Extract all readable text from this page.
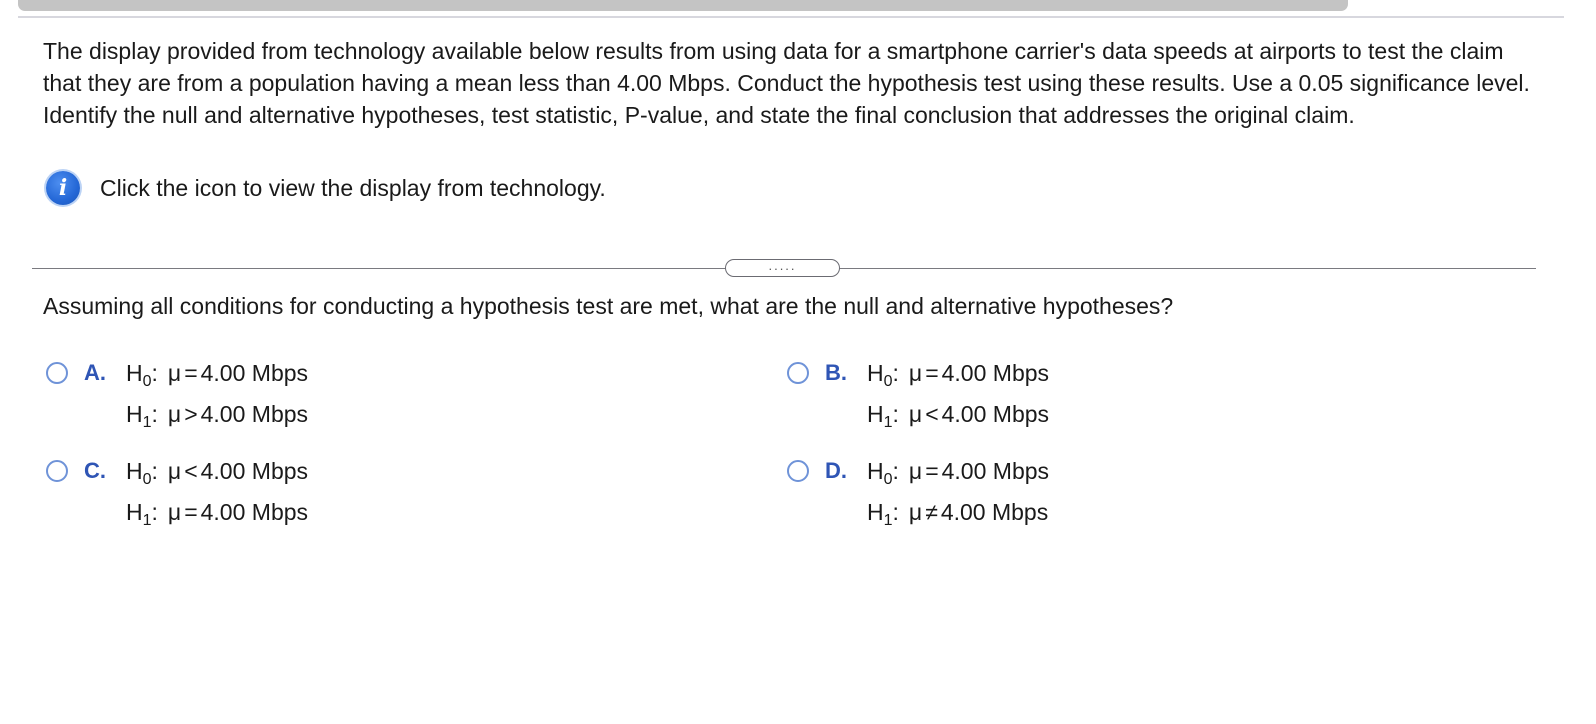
The display provided from technology available below results from using data for a smartphone carrier's data speeds at airports to test the claim that they are from a population having a mean less than 4.00 Mbps. Conduct the hypothesis test using these results. Use a 0.05 significance level. Identify the null and alternative hypotheses, test statistic, P-value, and state the final conclusion that addresses the original claim.

i Click the icon to view the display from technology.
.....
Assuming all conditions for conducting a hypothesis test are met, what are the null and alternative hypotheses?
A. $H_0$: μ = 4.00 Mbps
$H_1$: μ > 4.00 Mbps
B. $H_0$: μ = 4.00 Mbps
$H_1$: μ < 4.00 Mbps
C. $H_0$: μ < 4.00 Mbps
$H_1$: μ = 4.00 Mbps
D. $H_0$: μ = 4.00 Mbps
$H_1$: μ ≠ 4.00 Mbps
